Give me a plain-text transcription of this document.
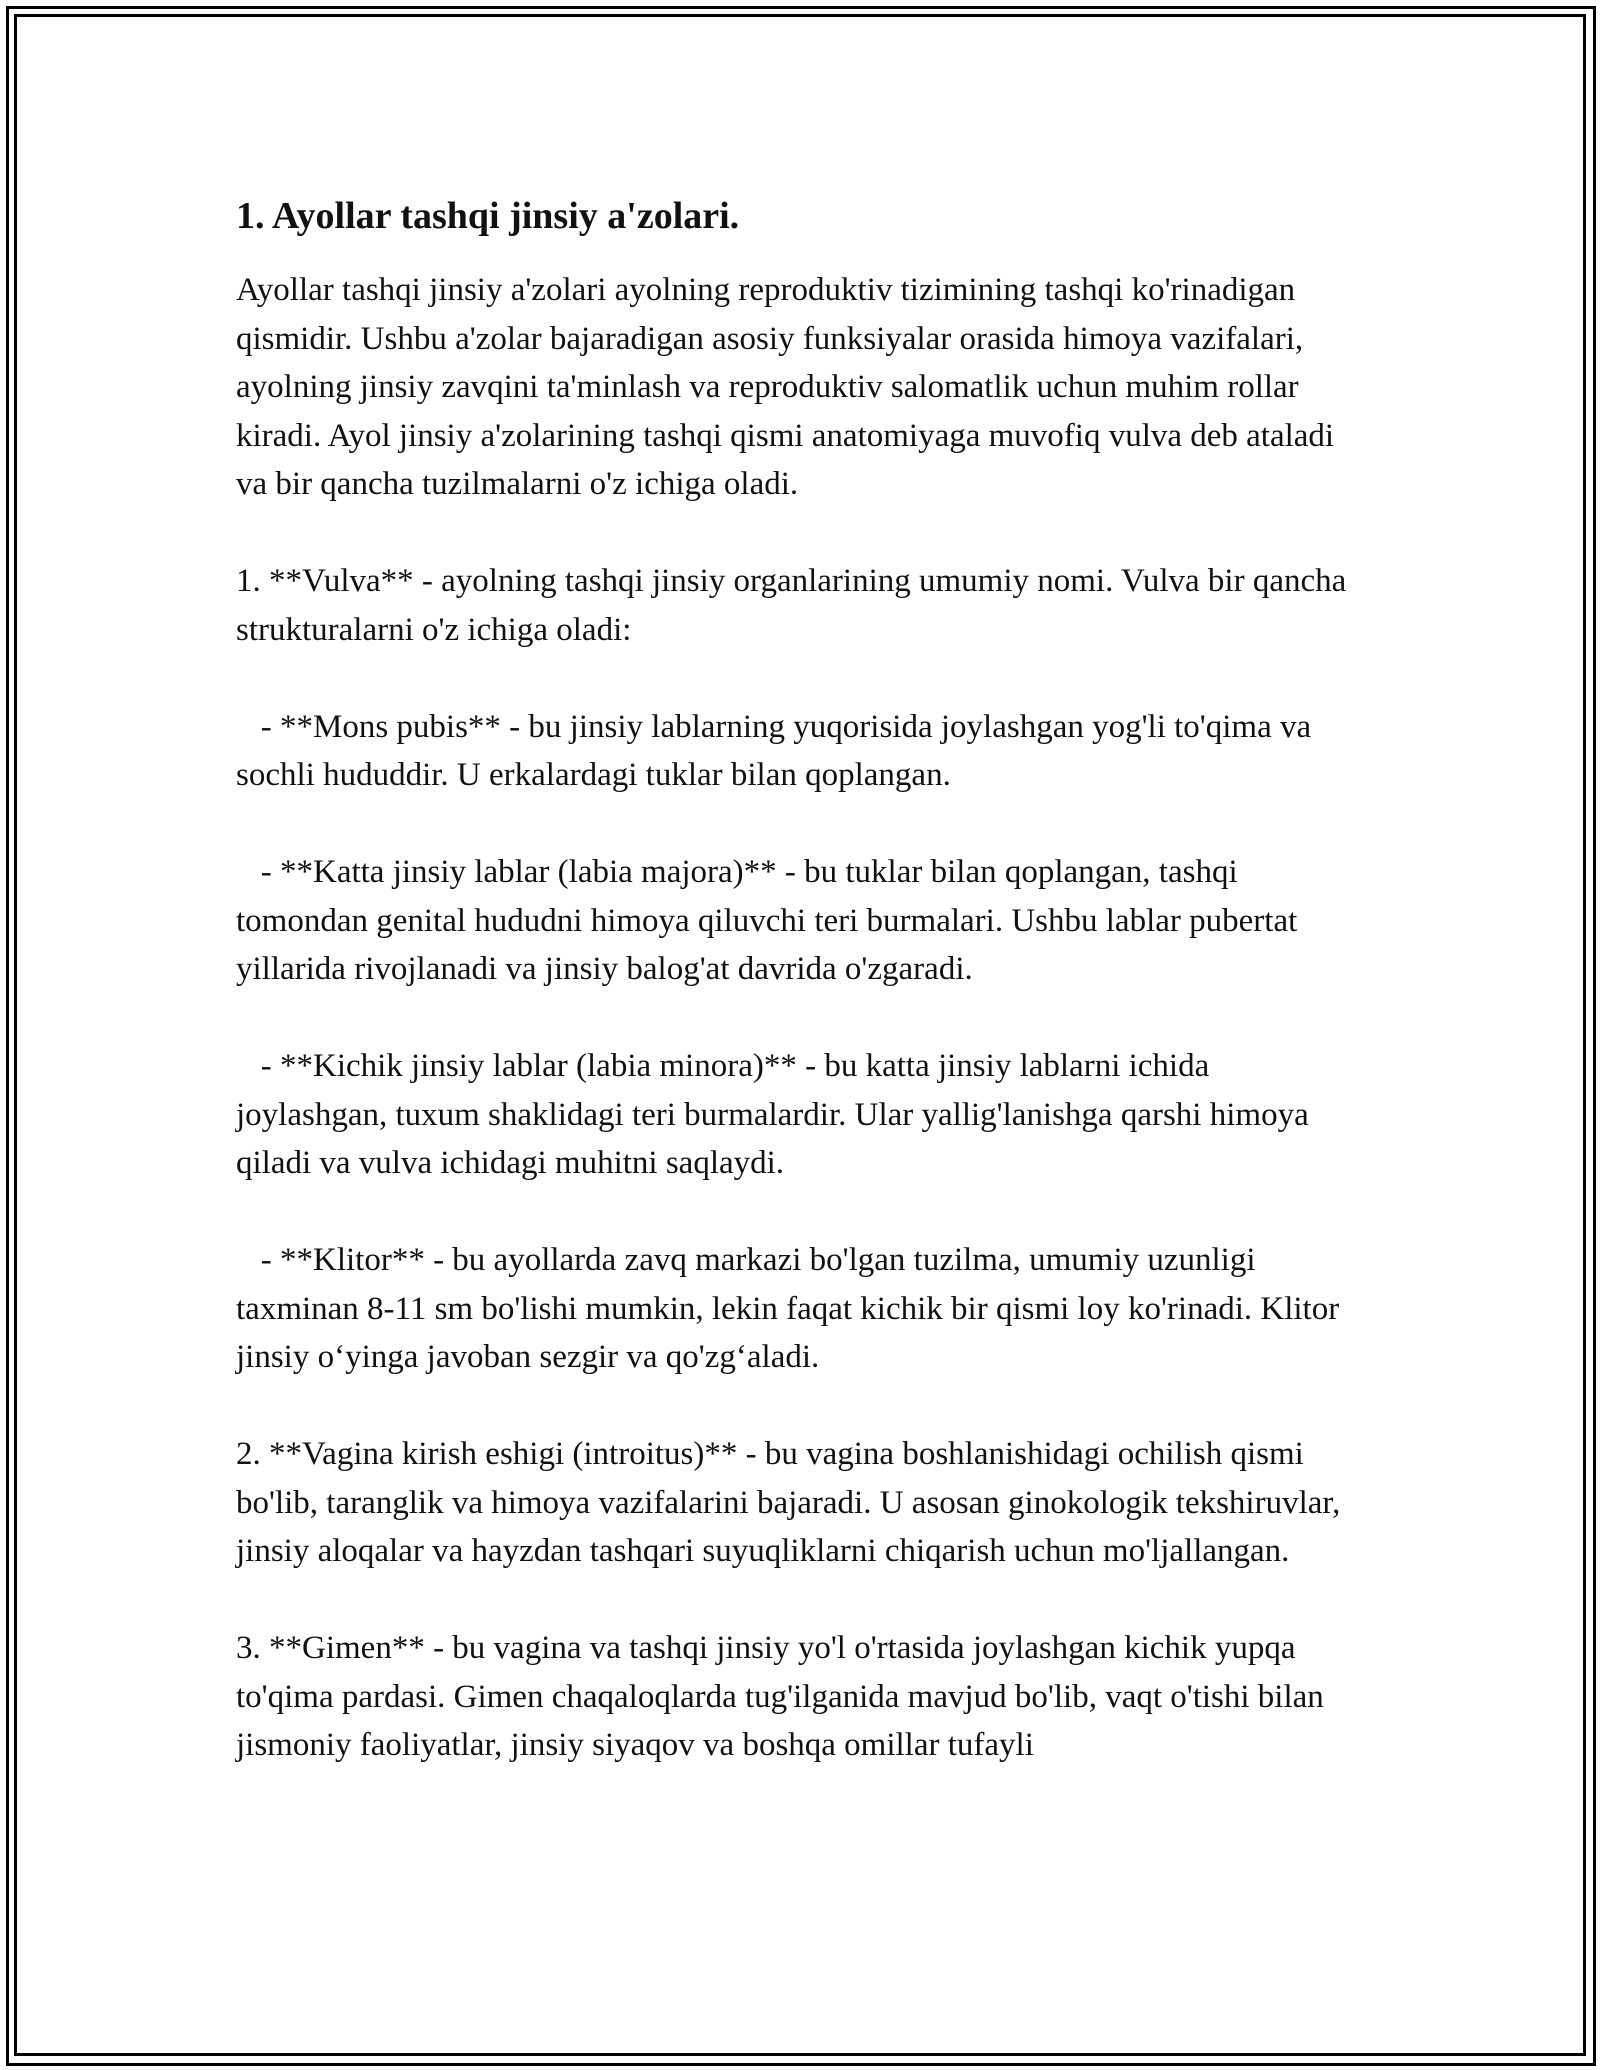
1. Ayollar tashqi jinsiy a'zolari.

Ayollar tashqi jinsiy a'zolari ayolning reproduktiv tizimining tashqi ko'rinadigan qismidir. Ushbu a'zolar bajaradigan asosiy funksiyalar orasida himoya vazifalari, ayolning jinsiy zavqini ta'minlash va reproduktiv salomatlik uchun muhim rollar kiradi. Ayol jinsiy a'zolarining tashqi qismi anatomiyaga muvofiq vulva deb ataladi va bir qancha tuzilmalarni o'z ichiga oladi.

1. **Vulva** - ayolning tashqi jinsiy organlarining umumiy nomi. Vulva bir qancha strukturalarni o'z ichiga oladi:

- **Mons pubis** - bu jinsiy lablarning yuqorisida joylashgan yog'li to'qima va sochli hududdir. U erkalardagi tuklar bilan qoplangan.

- **Katta jinsiy lablar (labia majora)** - bu tuklar bilan qoplangan, tashqi tomondan genital hududni himoya qiluvchi teri burmalari. Ushbu lablar pubertat yillarida rivojlanadi va jinsiy balog'at davrida o'zgaradi.

- **Kichik jinsiy lablar (labia minora)** - bu katta jinsiy lablarni ichida joylashgan, tuxum shaklidagi teri burmalardir. Ular yallig'lanishga qarshi himoya qiladi va vulva ichidagi muhitni saqlaydi.

- **Klitor** - bu ayollarda zavq markazi bo'lgan tuzilma, umumiy uzunligi taxminan 8-11 sm bo'lishi mumkin, lekin faqat kichik bir qismi loy ko'rinadi. Klitor jinsiy o‘yinga javoban sezgir va qo'zg‘aladi.

2. **Vagina kirish eshigi (introitus)** - bu vagina boshlanishidagi ochilish qismi bo'lib, taranglik va himoya vazifalarini bajaradi. U asosan ginokologik tekshiruvlar, jinsiy aloqalar va hayzdan tashqari suyuqliklarni chiqarish uchun mo'ljallangan.

3. **Gimen** - bu vagina va tashqi jinsiy yo'l o'rtasida joylashgan kichik yupqa to'qima pardasi. Gimen chaqaloqlarda tug'ilganida mavjud bo'lib, vaqt o'tishi bilan jismoniy faoliyatlar, jinsiy siyaqov va boshqa omillar tufayli
